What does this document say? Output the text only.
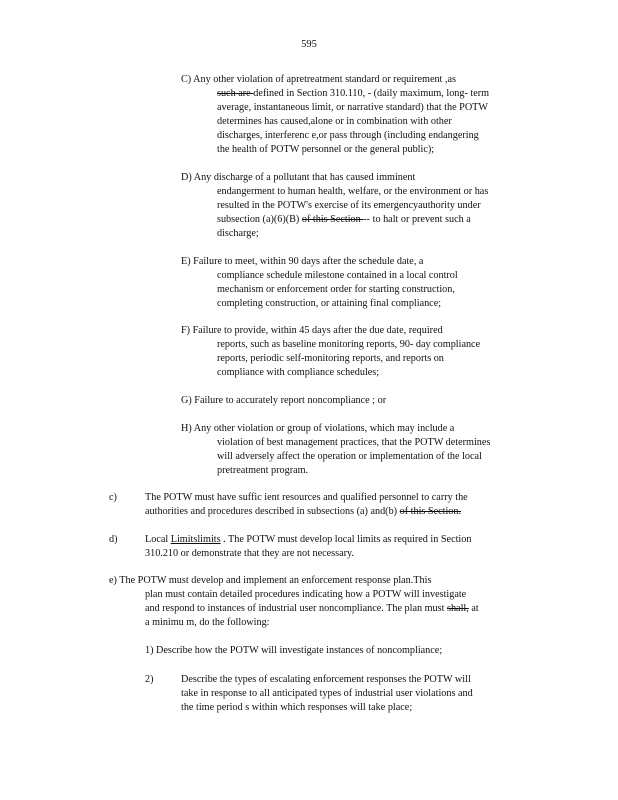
595
C) Any other violation of apretreatment standard or requirement ,as
such are defined in Section 310.110, - (daily maximum, long- term
average, instantaneous limit, or narrative standard) that the POTW
determines has caused,alone or in combination with other
discharges, interferenc e,or pass through (including endangering
the health of POTW personnel or the general public);
D) Any discharge of a pollutant that has caused imminent
endangerment to human health, welfare, or the environment or has
resulted in the POTW's exercise of its emergencyauthority under
subsection (a)(6)(B) of this Section -- to halt or prevent such a
discharge;
E) Failure to meet, within 90 days after the schedule date, a
compliance schedule milestone contained in a local control
mechanism or enforcement order for starting construction,
completing construction, or attaining final compliance;
F) Failure to provide, within 45 days after the due date, required
reports, such as baseline monitoring reports, 90- day compliance
reports, periodic self-monitoring reports, and reports on
compliance with compliance schedules;
G) Failure to accurately report noncompliance ; or
H) Any other violation or group of violations, which may include a
violation of best management practices, that the POTW determines
will adversely affect the operation or implementation of the local
pretreatment program.
c)	The POTW must have suffic ient resources and qualified personnel to carry the
authorities and procedures described in subsections (a) and(b) of this Section.
d)	Local Limitslimits . The POTW must develop local limits as required in Section
310.210 or demonstrate that they are not necessary.
e) The POTW must develop and implement an enforcement response plan.This
plan must contain detailed procedures indicating how a POTW will investigate
and respond to instances of industrial user noncompliance. The plan must shall, at
a minimu m, do the following:
1) Describe how the POTW will investigate instances of noncompliance;
2)	Describe the types of escalating enforcement responses the POTW will
take in response to all anticipated types of industrial user violations and
the time period s within which responses will take place;
